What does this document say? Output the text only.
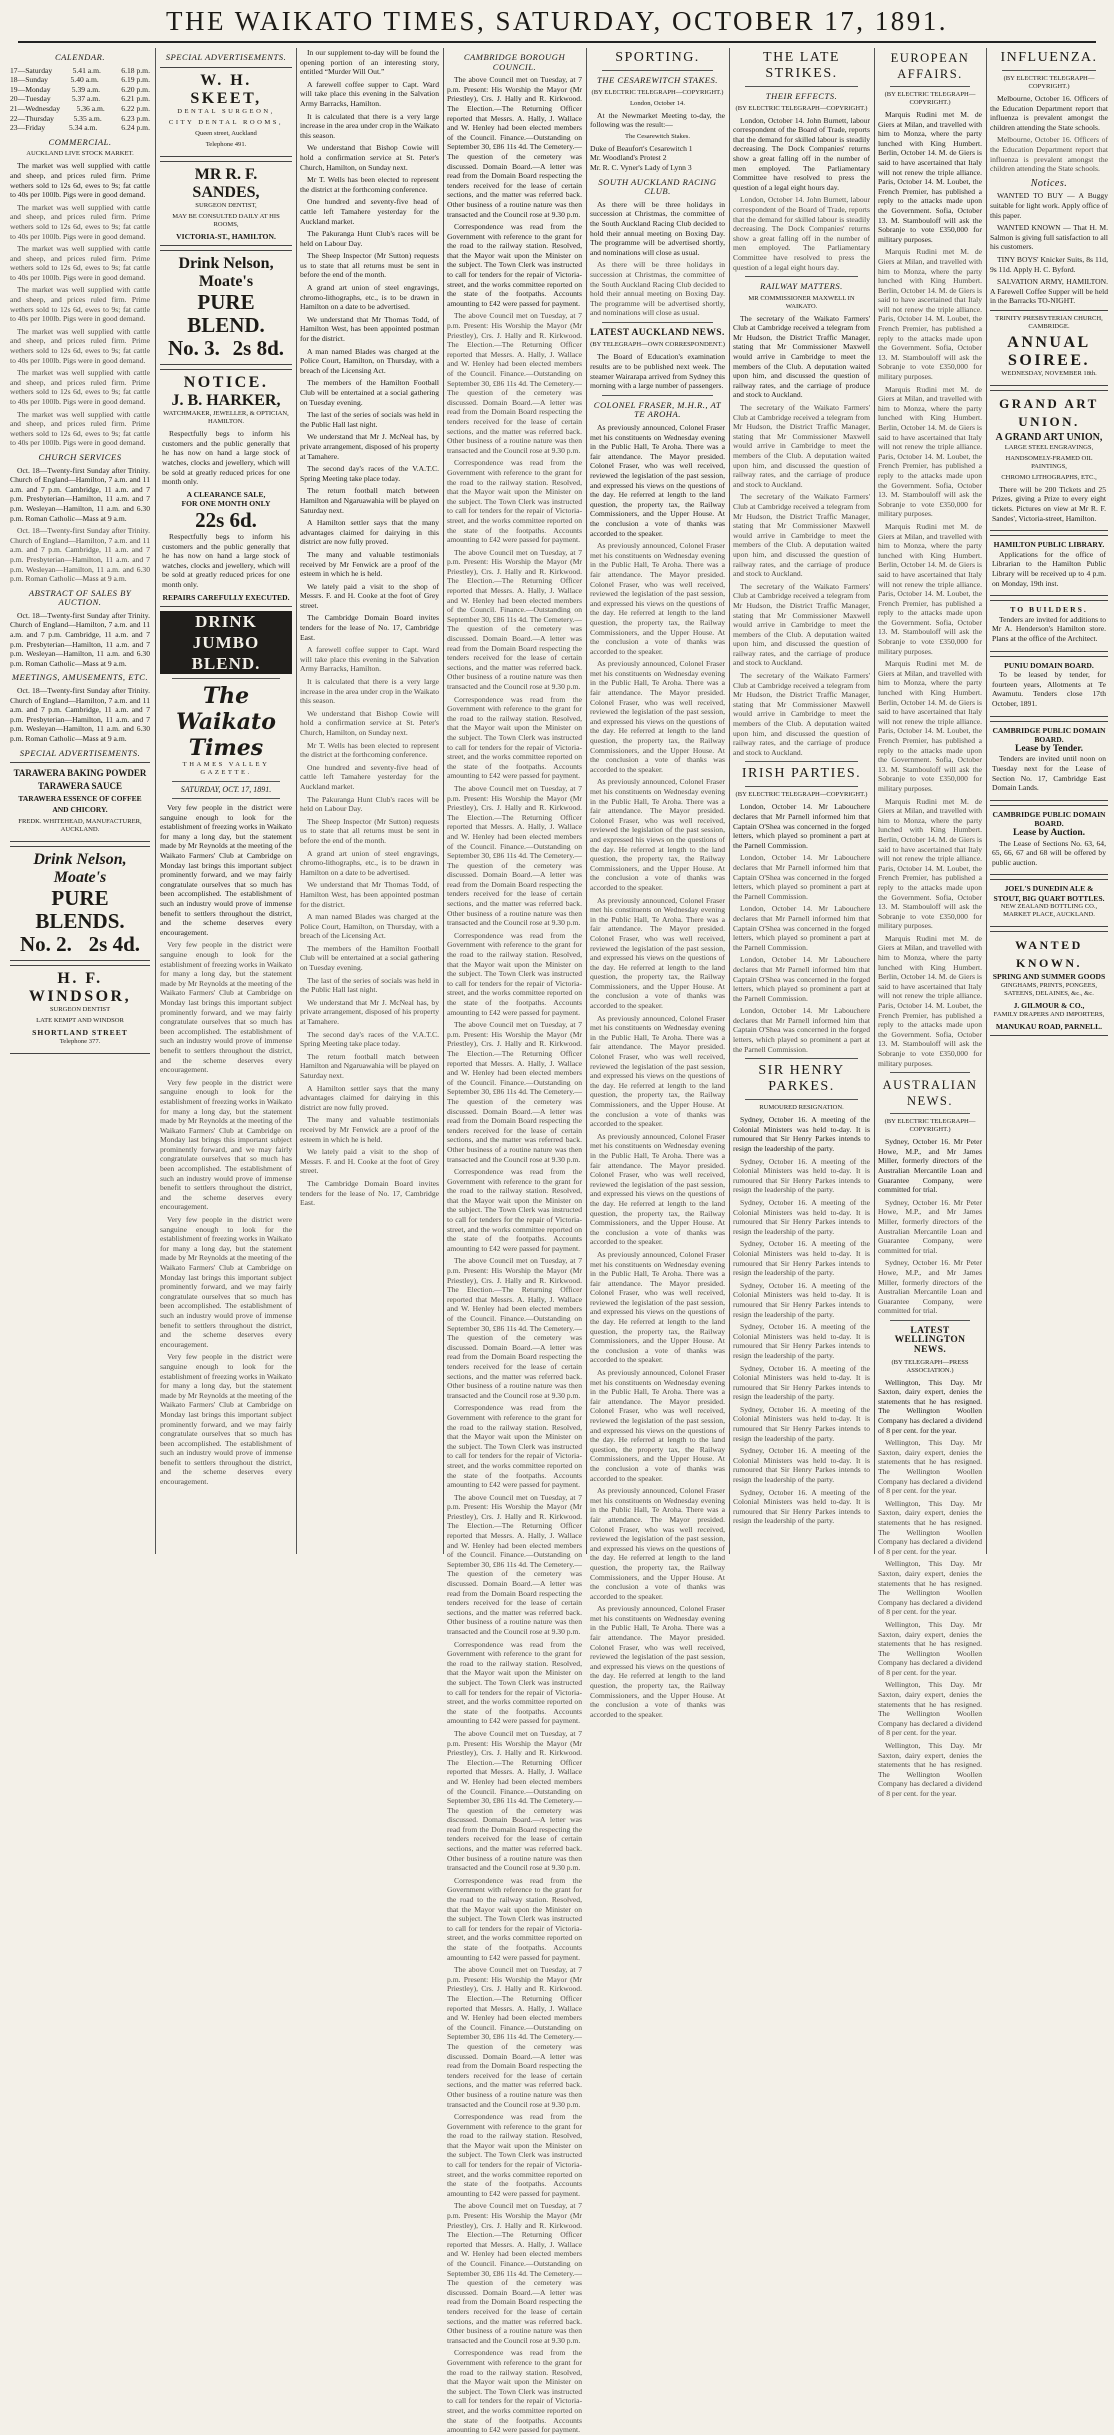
THE WAIKATO TIMES, SATURDAY, OCTOBER 17, 1891.
CALENDAR.
17—Saturday	5.41 a.m.	6.18 p.m.
18—Sunday	5.40 a.m.	6.19 p.m.
19—Monday	5.39 a.m.	6.20 p.m.
20—Tuesday	5.37 a.m.	6.21 p.m.
21—Wednesday 5.36 a.m. 6.22 p.m.
22—Thursday	5.35 a.m.	6.23 p.m.
23—Friday	5.34 a.m.	6.24 p.m.
COMMERCIAL.
AUCKLAND LIVE STOCK MARKET.

The market was well supplied with cattle and sheep, and prices ruled firm. Prime wethers sold to 12s 6d, ewes to 9s; fat cattle to 40s per 100lb. Pigs were in good demand.

The market was well supplied with cattle and sheep, and prices ruled firm. Prime wethers sold to 12s 6d, ewes to 9s; fat cattle to 40s per 100lb. Pigs were in good demand.

The market was well supplied with cattle and sheep, and prices ruled firm. Prime wethers sold to 12s 6d, ewes to 9s; fat cattle to 40s per 100lb. Pigs were in good demand.

The market was well supplied with cattle and sheep, and prices ruled firm. Prime wethers sold to 12s 6d, ewes to 9s; fat cattle to 40s per 100lb. Pigs were in good demand.

The market was well supplied with cattle and sheep, and prices ruled firm. Prime wethers sold to 12s 6d, ewes to 9s; fat cattle to 40s per 100lb. Pigs were in good demand.

The market was well supplied with cattle and sheep, and prices ruled firm. Prime wethers sold to 12s 6d, ewes to 9s; fat cattle to 40s per 100lb. Pigs were in good demand.

The market was well supplied with cattle and sheep, and prices ruled firm. Prime wethers sold to 12s 6d, ewes to 9s; fat cattle to 40s per 100lb. Pigs were in good demand.

CHURCH SERVICES

Oct. 18—Twenty-first Sunday after Trinity. Church of England—Hamilton, 7 a.m. and 11 a.m. and 7 p.m. Cambridge, 11 a.m. and 7 p.m. Presbyterian—Hamilton, 11 a.m. and 7 p.m. Wesleyan—Hamilton, 11 a.m. and 6.30 p.m. Roman Catholic—Mass at 9 a.m.

Oct. 18—Twenty-first Sunday after Trinity. Church of England—Hamilton, 7 a.m. and 11 a.m. and 7 p.m. Cambridge, 11 a.m. and 7 p.m. Presbyterian—Hamilton, 11 a.m. and 7 p.m. Wesleyan—Hamilton, 11 a.m. and 6.30 p.m. Roman Catholic—Mass at 9 a.m.

ABSTRACT OF SALES BY AUCTION.

Oct. 18—Twenty-first Sunday after Trinity. Church of England—Hamilton, 7 a.m. and 11 a.m. and 7 p.m. Cambridge, 11 a.m. and 7 p.m. Presbyterian—Hamilton, 11 a.m. and 7 p.m. Wesleyan—Hamilton, 11 a.m. and 6.30 p.m. Roman Catholic—Mass at 9 a.m.

MEETINGS, AMUSEMENTS, ETC.

Oct. 18—Twenty-first Sunday after Trinity. Church of England—Hamilton, 7 a.m. and 11 a.m. and 7 p.m. Cambridge, 11 a.m. and 7 p.m. Presbyterian—Hamilton, 11 a.m. and 7 p.m. Wesleyan—Hamilton, 11 a.m. and 6.30 p.m. Roman Catholic—Mass at 9 a.m.

SPECIAL ADVERTISEMENTS.
TARAWERA BAKING POWDER
TARAWERA SAUCE
TARAWERA ESSENCE OF COFFEE AND CHICORY.
FREDK. WHITEHEAD, MANUFACTURER, AUCKLAND.
Drink Nelson, Moate's
PURE BLENDS.
No. 2. 2s 4d.
H. F. WINDSOR,
SURGEON DENTIST
LATE KEMPT AND WINDSOR
SHORTLAND STREET
Telephone 377.
SPECIAL ADVERTISEMENTS.
W. H. SKEET,
DENTAL SURGEON,
CITY DENTAL ROOMS,
Queen street, Auckland
Telephone 491.
MR R. F. SANDES,
SURGEON DENTIST,
MAY BE CONSULTED DAILY AT HIS ROOMS,
VICTORIA-ST., HAMILTON.
Drink Nelson, Moate's
PURE BLEND.
No. 3. 2s 8d.
NOTICE.
J. B. HARKER,
WATCHMAKER, JEWELLER, & OPTICIAN, HAMILTON.

Respectfully begs to inform his customers and the public generally that he has now on hand a large stock of watches, clocks and jewellery, which will be sold at greatly reduced prices for one month only.

A CLEARANCE SALE,
FOR ONE MONTH ONLY
22s 6d.

Respectfully begs to inform his customers and the public generally that he has now on hand a large stock of watches, clocks and jewellery, which will be sold at greatly reduced prices for one month only.

REPAIRS CAREFULLY EXECUTED.
DRINK JUMBO BLEND.
The Waikato Times
THAMES VALLEY GAZETTE.
SATURDAY, OCT. 17, 1891.

Very few people in the district were sanguine enough to look for the establishment of freezing works in Waikato for many a long day, but the statement made by Mr Reynolds at the meeting of the Waikato Farmers' Club at Cambridge on Monday last brings this important subject prominently forward, and we may fairly congratulate ourselves that so much has been accomplished. The establishment of such an industry would prove of immense benefit to settlers throughout the district, and the scheme deserves every encouragement.

Very few people in the district were sanguine enough to look for the establishment of freezing works in Waikato for many a long day, but the statement made by Mr Reynolds at the meeting of the Waikato Farmers' Club at Cambridge on Monday last brings this important subject prominently forward, and we may fairly congratulate ourselves that so much has been accomplished. The establishment of such an industry would prove of immense benefit to settlers throughout the district, and the scheme deserves every encouragement.

Very few people in the district were sanguine enough to look for the establishment of freezing works in Waikato for many a long day, but the statement made by Mr Reynolds at the meeting of the Waikato Farmers' Club at Cambridge on Monday last brings this important subject prominently forward, and we may fairly congratulate ourselves that so much has been accomplished. The establishment of such an industry would prove of immense benefit to settlers throughout the district, and the scheme deserves every encouragement.

Very few people in the district were sanguine enough to look for the establishment of freezing works in Waikato for many a long day, but the statement made by Mr Reynolds at the meeting of the Waikato Farmers' Club at Cambridge on Monday last brings this important subject prominently forward, and we may fairly congratulate ourselves that so much has been accomplished. The establishment of such an industry would prove of immense benefit to settlers throughout the district, and the scheme deserves every encouragement.

Very few people in the district were sanguine enough to look for the establishment of freezing works in Waikato for many a long day, but the statement made by Mr Reynolds at the meeting of the Waikato Farmers' Club at Cambridge on Monday last brings this important subject prominently forward, and we may fairly congratulate ourselves that so much has been accomplished. The establishment of such an industry would prove of immense benefit to settlers throughout the district, and the scheme deserves every encouragement.

In our supplement to-day will be found the opening portion of an interesting story, entitled “Murder Will Out.”

A farewell coffee supper to Capt. Ward will take place this evening in the Salvation Army Barracks, Hamilton.

It is calculated that there is a very large increase in the area under crop in the Waikato this season.

We understand that Bishop Cowie will hold a confirmation service at St. Peter's Church, Hamilton, on Sunday next.

Mr T. Wells has been elected to represent the district at the forthcoming conference.

One hundred and seventy-five head of cattle left Tamahere yesterday for the Auckland market.

The Pakuranga Hunt Club's races will be held on Labour Day.

The Sheep Inspector (Mr Sutton) requests us to state that all returns must be sent in before the end of the month.

A grand art union of steel engravings, chromo-lithographs, etc., is to be drawn in Hamilton on a date to be advertised.

We understand that Mr Thomas Todd, of Hamilton West, has been appointed postman for the district.

A man named Blades was charged at the Police Court, Hamilton, on Thursday, with a breach of the Licensing Act.

The members of the Hamilton Football Club will be entertained at a social gathering on Tuesday evening.

The last of the series of socials was held in the Public Hall last night.

We understand that Mr J. McNeal has, by private arrangement, disposed of his property at Tamahere.

The second day's races of the V.A.T.C. Spring Meeting take place today.

The return football match between Hamilton and Ngaruawahia will be played on Saturday next.

A Hamilton settler says that the many advantages claimed for dairying in this district are now fully proved.

The many and valuable testimonials received by Mr Fenwick are a proof of the esteem in which he is held.

We lately paid a visit to the shop of Messrs. F. and H. Cooke at the foot of Grey street.

The Cambridge Domain Board invites tenders for the lease of No. 17, Cambridge East.

A farewell coffee supper to Capt. Ward will take place this evening in the Salvation Army Barracks, Hamilton.

It is calculated that there is a very large increase in the area under crop in the Waikato this season.

We understand that Bishop Cowie will hold a confirmation service at St. Peter's Church, Hamilton, on Sunday next.

Mr T. Wells has been elected to represent the district at the forthcoming conference.

One hundred and seventy-five head of cattle left Tamahere yesterday for the Auckland market.

The Pakuranga Hunt Club's races will be held on Labour Day.

The Sheep Inspector (Mr Sutton) requests us to state that all returns must be sent in before the end of the month.

A grand art union of steel engravings, chromo-lithographs, etc., is to be drawn in Hamilton on a date to be advertised.

We understand that Mr Thomas Todd, of Hamilton West, has been appointed postman for the district.

A man named Blades was charged at the Police Court, Hamilton, on Thursday, with a breach of the Licensing Act.

The members of the Hamilton Football Club will be entertained at a social gathering on Tuesday evening.

The last of the series of socials was held in the Public Hall last night.

We understand that Mr J. McNeal has, by private arrangement, disposed of his property at Tamahere.

The second day's races of the V.A.T.C. Spring Meeting take place today.

The return football match between Hamilton and Ngaruawahia will be played on Saturday next.

A Hamilton settler says that the many advantages claimed for dairying in this district are now fully proved.

The many and valuable testimonials received by Mr Fenwick are a proof of the esteem in which he is held.

We lately paid a visit to the shop of Messrs. F. and H. Cooke at the foot of Grey street.

The Cambridge Domain Board invites tenders for the lease of No. 17, Cambridge East.

CAMBRIDGE BOROUGH COUNCIL.

The above Council met on Tuesday, at 7 p.m. Present: His Worship the Mayor (Mr Priestley), Crs. J. Hally and R. Kirkwood. The Election.—The Returning Officer reported that Messrs. A. Hally, J. Wallace and W. Henley had been elected members of the Council. Finance.—Outstanding on September 30, £86 11s 4d. The Cemetery.—The question of the cemetery was discussed. Domain Board.—A letter was read from the Domain Board respecting the tenders received for the lease of certain sections, and the matter was referred back. Other business of a routine nature was then transacted and the Council rose at 9.30 p.m.

Correspondence was read from the Government with reference to the grant for the road to the railway station. Resolved, that the Mayor wait upon the Minister on the subject. The Town Clerk was instructed to call for tenders for the repair of Victoria-street, and the works committee reported on the state of the footpaths. Accounts amounting to £42 were passed for payment.

The above Council met on Tuesday, at 7 p.m. Present: His Worship the Mayor (Mr Priestley), Crs. J. Hally and R. Kirkwood. The Election.—The Returning Officer reported that Messrs. A. Hally, J. Wallace and W. Henley had been elected members of the Council. Finance.—Outstanding on September 30, £86 11s 4d. The Cemetery.—The question of the cemetery was discussed. Domain Board.—A letter was read from the Domain Board respecting the tenders received for the lease of certain sections, and the matter was referred back. Other business of a routine nature was then transacted and the Council rose at 9.30 p.m.

Correspondence was read from the Government with reference to the grant for the road to the railway station. Resolved, that the Mayor wait upon the Minister on the subject. The Town Clerk was instructed to call for tenders for the repair of Victoria-street, and the works committee reported on the state of the footpaths. Accounts amounting to £42 were passed for payment.

The above Council met on Tuesday, at 7 p.m. Present: His Worship the Mayor (Mr Priestley), Crs. J. Hally and R. Kirkwood. The Election.—The Returning Officer reported that Messrs. A. Hally, J. Wallace and W. Henley had been elected members of the Council. Finance.—Outstanding on September 30, £86 11s 4d. The Cemetery.—The question of the cemetery was discussed. Domain Board.—A letter was read from the Domain Board respecting the tenders received for the lease of certain sections, and the matter was referred back. Other business of a routine nature was then transacted and the Council rose at 9.30 p.m.

Correspondence was read from the Government with reference to the grant for the road to the railway station. Resolved, that the Mayor wait upon the Minister on the subject. The Town Clerk was instructed to call for tenders for the repair of Victoria-street, and the works committee reported on the state of the footpaths. Accounts amounting to £42 were passed for payment.

The above Council met on Tuesday, at 7 p.m. Present: His Worship the Mayor (Mr Priestley), Crs. J. Hally and R. Kirkwood. The Election.—The Returning Officer reported that Messrs. A. Hally, J. Wallace and W. Henley had been elected members of the Council. Finance.—Outstanding on September 30, £86 11s 4d. The Cemetery.—The question of the cemetery was discussed. Domain Board.—A letter was read from the Domain Board respecting the tenders received for the lease of certain sections, and the matter was referred back. Other business of a routine nature was then transacted and the Council rose at 9.30 p.m.

Correspondence was read from the Government with reference to the grant for the road to the railway station. Resolved, that the Mayor wait upon the Minister on the subject. The Town Clerk was instructed to call for tenders for the repair of Victoria-street, and the works committee reported on the state of the footpaths. Accounts amounting to £42 were passed for payment.

The above Council met on Tuesday, at 7 p.m. Present: His Worship the Mayor (Mr Priestley), Crs. J. Hally and R. Kirkwood. The Election.—The Returning Officer reported that Messrs. A. Hally, J. Wallace and W. Henley had been elected members of the Council. Finance.—Outstanding on September 30, £86 11s 4d. The Cemetery.—The question of the cemetery was discussed. Domain Board.—A letter was read from the Domain Board respecting the tenders received for the lease of certain sections, and the matter was referred back. Other business of a routine nature was then transacted and the Council rose at 9.30 p.m.

Correspondence was read from the Government with reference to the grant for the road to the railway station. Resolved, that the Mayor wait upon the Minister on the subject. The Town Clerk was instructed to call for tenders for the repair of Victoria-street, and the works committee reported on the state of the footpaths. Accounts amounting to £42 were passed for payment.

The above Council met on Tuesday, at 7 p.m. Present: His Worship the Mayor (Mr Priestley), Crs. J. Hally and R. Kirkwood. The Election.—The Returning Officer reported that Messrs. A. Hally, J. Wallace and W. Henley had been elected members of the Council. Finance.—Outstanding on September 30, £86 11s 4d. The Cemetery.—The question of the cemetery was discussed. Domain Board.—A letter was read from the Domain Board respecting the tenders received for the lease of certain sections, and the matter was referred back. Other business of a routine nature was then transacted and the Council rose at 9.30 p.m.

Correspondence was read from the Government with reference to the grant for the road to the railway station. Resolved, that the Mayor wait upon the Minister on the subject. The Town Clerk was instructed to call for tenders for the repair of Victoria-street, and the works committee reported on the state of the footpaths. Accounts amounting to £42 were passed for payment.

The above Council met on Tuesday, at 7 p.m. Present: His Worship the Mayor (Mr Priestley), Crs. J. Hally and R. Kirkwood. The Election.—The Returning Officer reported that Messrs. A. Hally, J. Wallace and W. Henley had been elected members of the Council. Finance.—Outstanding on September 30, £86 11s 4d. The Cemetery.—The question of the cemetery was discussed. Domain Board.—A letter was read from the Domain Board respecting the tenders received for the lease of certain sections, and the matter was referred back. Other business of a routine nature was then transacted and the Council rose at 9.30 p.m.

Correspondence was read from the Government with reference to the grant for the road to the railway station. Resolved, that the Mayor wait upon the Minister on the subject. The Town Clerk was instructed to call for tenders for the repair of Victoria-street, and the works committee reported on the state of the footpaths. Accounts amounting to £42 were passed for payment.

The above Council met on Tuesday, at 7 p.m. Present: His Worship the Mayor (Mr Priestley), Crs. J. Hally and R. Kirkwood. The Election.—The Returning Officer reported that Messrs. A. Hally, J. Wallace and W. Henley had been elected members of the Council. Finance.—Outstanding on September 30, £86 11s 4d. The Cemetery.—The question of the cemetery was discussed. Domain Board.—A letter was read from the Domain Board respecting the tenders received for the lease of certain sections, and the matter was referred back. Other business of a routine nature was then transacted and the Council rose at 9.30 p.m.

Correspondence was read from the Government with reference to the grant for the road to the railway station. Resolved, that the Mayor wait upon the Minister on the subject. The Town Clerk was instructed to call for tenders for the repair of Victoria-street, and the works committee reported on the state of the footpaths. Accounts amounting to £42 were passed for payment.

The above Council met on Tuesday, at 7 p.m. Present: His Worship the Mayor (Mr Priestley), Crs. J. Hally and R. Kirkwood. The Election.—The Returning Officer reported that Messrs. A. Hally, J. Wallace and W. Henley had been elected members of the Council. Finance.—Outstanding on September 30, £86 11s 4d. The Cemetery.—The question of the cemetery was discussed. Domain Board.—A letter was read from the Domain Board respecting the tenders received for the lease of certain sections, and the matter was referred back. Other business of a routine nature was then transacted and the Council rose at 9.30 p.m.

Correspondence was read from the Government with reference to the grant for the road to the railway station. Resolved, that the Mayor wait upon the Minister on the subject. The Town Clerk was instructed to call for tenders for the repair of Victoria-street, and the works committee reported on the state of the footpaths. Accounts amounting to £42 were passed for payment.

The above Council met on Tuesday, at 7 p.m. Present: His Worship the Mayor (Mr Priestley), Crs. J. Hally and R. Kirkwood. The Election.—The Returning Officer reported that Messrs. A. Hally, J. Wallace and W. Henley had been elected members of the Council. Finance.—Outstanding on September 30, £86 11s 4d. The Cemetery.—The question of the cemetery was discussed. Domain Board.—A letter was read from the Domain Board respecting the tenders received for the lease of certain sections, and the matter was referred back. Other business of a routine nature was then transacted and the Council rose at 9.30 p.m.

Correspondence was read from the Government with reference to the grant for the road to the railway station. Resolved, that the Mayor wait upon the Minister on the subject. The Town Clerk was instructed to call for tenders for the repair of Victoria-street, and the works committee reported on the state of the footpaths. Accounts amounting to £42 were passed for payment.

SPORTING.
THE CESAREWITCH STAKES.
(BY ELECTRIC TELEGRAPH—COPYRIGHT.)
London, October 14.

At the Newmarket Meeting to-day, the following was the result:—

The Cesarewitch Stakes.
Duke of Beaufort's Cesarewitch 1
Mr. Woodland's Protest 2
Mr. R. C. Vyner's Lady of Lynn 3
SOUTH AUCKLAND RACING CLUB.

As there will be three holidays in succession at Christmas, the committee of the South Auckland Racing Club decided to hold their annual meeting on Boxing Day. The programme will be advertised shortly, and nominations will close as usual.

As there will be three holidays in succession at Christmas, the committee of the South Auckland Racing Club decided to hold their annual meeting on Boxing Day. The programme will be advertised shortly, and nominations will close as usual.

LATEST AUCKLAND NEWS.
(BY TELEGRAPH—OWN CORRESPONDENT.)

The Board of Education's examination results are to be published next week. The steamer Wairarapa arrived from Sydney this morning with a large number of passengers.

COLONEL FRASER, M.H.R., AT TE AROHA.

As previously announced, Colonel Fraser met his constituents on Wednesday evening in the Public Hall, Te Aroha. There was a fair attendance. The Mayor presided. Colonel Fraser, who was well received, reviewed the legislation of the past session, and expressed his views on the questions of the day. He referred at length to the land question, the property tax, the Railway Commissioners, and the Upper House. At the conclusion a vote of thanks was accorded to the speaker.

As previously announced, Colonel Fraser met his constituents on Wednesday evening in the Public Hall, Te Aroha. There was a fair attendance. The Mayor presided. Colonel Fraser, who was well received, reviewed the legislation of the past session, and expressed his views on the questions of the day. He referred at length to the land question, the property tax, the Railway Commissioners, and the Upper House. At the conclusion a vote of thanks was accorded to the speaker.

As previously announced, Colonel Fraser met his constituents on Wednesday evening in the Public Hall, Te Aroha. There was a fair attendance. The Mayor presided. Colonel Fraser, who was well received, reviewed the legislation of the past session, and expressed his views on the questions of the day. He referred at length to the land question, the property tax, the Railway Commissioners, and the Upper House. At the conclusion a vote of thanks was accorded to the speaker.

As previously announced, Colonel Fraser met his constituents on Wednesday evening in the Public Hall, Te Aroha. There was a fair attendance. The Mayor presided. Colonel Fraser, who was well received, reviewed the legislation of the past session, and expressed his views on the questions of the day. He referred at length to the land question, the property tax, the Railway Commissioners, and the Upper House. At the conclusion a vote of thanks was accorded to the speaker.

As previously announced, Colonel Fraser met his constituents on Wednesday evening in the Public Hall, Te Aroha. There was a fair attendance. The Mayor presided. Colonel Fraser, who was well received, reviewed the legislation of the past session, and expressed his views on the questions of the day. He referred at length to the land question, the property tax, the Railway Commissioners, and the Upper House. At the conclusion a vote of thanks was accorded to the speaker.

As previously announced, Colonel Fraser met his constituents on Wednesday evening in the Public Hall, Te Aroha. There was a fair attendance. The Mayor presided. Colonel Fraser, who was well received, reviewed the legislation of the past session, and expressed his views on the questions of the day. He referred at length to the land question, the property tax, the Railway Commissioners, and the Upper House. At the conclusion a vote of thanks was accorded to the speaker.

As previously announced, Colonel Fraser met his constituents on Wednesday evening in the Public Hall, Te Aroha. There was a fair attendance. The Mayor presided. Colonel Fraser, who was well received, reviewed the legislation of the past session, and expressed his views on the questions of the day. He referred at length to the land question, the property tax, the Railway Commissioners, and the Upper House. At the conclusion a vote of thanks was accorded to the speaker.

As previously announced, Colonel Fraser met his constituents on Wednesday evening in the Public Hall, Te Aroha. There was a fair attendance. The Mayor presided. Colonel Fraser, who was well received, reviewed the legislation of the past session, and expressed his views on the questions of the day. He referred at length to the land question, the property tax, the Railway Commissioners, and the Upper House. At the conclusion a vote of thanks was accorded to the speaker.

As previously announced, Colonel Fraser met his constituents on Wednesday evening in the Public Hall, Te Aroha. There was a fair attendance. The Mayor presided. Colonel Fraser, who was well received, reviewed the legislation of the past session, and expressed his views on the questions of the day. He referred at length to the land question, the property tax, the Railway Commissioners, and the Upper House. At the conclusion a vote of thanks was accorded to the speaker.

As previously announced, Colonel Fraser met his constituents on Wednesday evening in the Public Hall, Te Aroha. There was a fair attendance. The Mayor presided. Colonel Fraser, who was well received, reviewed the legislation of the past session, and expressed his views on the questions of the day. He referred at length to the land question, the property tax, the Railway Commissioners, and the Upper House. At the conclusion a vote of thanks was accorded to the speaker.

As previously announced, Colonel Fraser met his constituents on Wednesday evening in the Public Hall, Te Aroha. There was a fair attendance. The Mayor presided. Colonel Fraser, who was well received, reviewed the legislation of the past session, and expressed his views on the questions of the day. He referred at length to the land question, the property tax, the Railway Commissioners, and the Upper House. At the conclusion a vote of thanks was accorded to the speaker.

THE LATE STRIKES.
THEIR EFFECTS.
(BY ELECTRIC TELEGRAPH—COPYRIGHT.)

London, October 14. John Burnett, labour correspondent of the Board of Trade, reports that the demand for skilled labour is steadily decreasing. The Dock Companies' returns show a great falling off in the number of men employed. The Parliamentary Committee have resolved to press the question of a legal eight hours day.

London, October 14. John Burnett, labour correspondent of the Board of Trade, reports that the demand for skilled labour is steadily decreasing. The Dock Companies' returns show a great falling off in the number of men employed. The Parliamentary Committee have resolved to press the question of a legal eight hours day.

RAILWAY MATTERS.
MR COMMISSIONER MAXWELL IN WAIKATO.

The secretary of the Waikato Farmers' Club at Cambridge received a telegram from Mr Hudson, the District Traffic Manager, stating that Mr Commissioner Maxwell would arrive in Cambridge to meet the members of the Club. A deputation waited upon him, and discussed the question of railway rates, and the carriage of produce and stock to Auckland.

The secretary of the Waikato Farmers' Club at Cambridge received a telegram from Mr Hudson, the District Traffic Manager, stating that Mr Commissioner Maxwell would arrive in Cambridge to meet the members of the Club. A deputation waited upon him, and discussed the question of railway rates, and the carriage of produce and stock to Auckland.

The secretary of the Waikato Farmers' Club at Cambridge received a telegram from Mr Hudson, the District Traffic Manager, stating that Mr Commissioner Maxwell would arrive in Cambridge to meet the members of the Club. A deputation waited upon him, and discussed the question of railway rates, and the carriage of produce and stock to Auckland.

The secretary of the Waikato Farmers' Club at Cambridge received a telegram from Mr Hudson, the District Traffic Manager, stating that Mr Commissioner Maxwell would arrive in Cambridge to meet the members of the Club. A deputation waited upon him, and discussed the question of railway rates, and the carriage of produce and stock to Auckland.

The secretary of the Waikato Farmers' Club at Cambridge received a telegram from Mr Hudson, the District Traffic Manager, stating that Mr Commissioner Maxwell would arrive in Cambridge to meet the members of the Club. A deputation waited upon him, and discussed the question of railway rates, and the carriage of produce and stock to Auckland.

IRISH PARTIES.
(BY ELECTRIC TELEGRAPH—COPYRIGHT.)

London, October 14. Mr Labouchere declares that Mr Parnell informed him that Captain O'Shea was concerned in the forged letters, which played so prominent a part at the Parnell Commission.

London, October 14. Mr Labouchere declares that Mr Parnell informed him that Captain O'Shea was concerned in the forged letters, which played so prominent a part at the Parnell Commission.

London, October 14. Mr Labouchere declares that Mr Parnell informed him that Captain O'Shea was concerned in the forged letters, which played so prominent a part at the Parnell Commission.

London, October 14. Mr Labouchere declares that Mr Parnell informed him that Captain O'Shea was concerned in the forged letters, which played so prominent a part at the Parnell Commission.

London, October 14. Mr Labouchere declares that Mr Parnell informed him that Captain O'Shea was concerned in the forged letters, which played so prominent a part at the Parnell Commission.

SIR HENRY PARKES.
RUMOURED RESIGNATION.

Sydney, October 16. A meeting of the Colonial Ministers was held to-day. It is rumoured that Sir Henry Parkes intends to resign the leadership of the party.

Sydney, October 16. A meeting of the Colonial Ministers was held to-day. It is rumoured that Sir Henry Parkes intends to resign the leadership of the party.

Sydney, October 16. A meeting of the Colonial Ministers was held to-day. It is rumoured that Sir Henry Parkes intends to resign the leadership of the party.

Sydney, October 16. A meeting of the Colonial Ministers was held to-day. It is rumoured that Sir Henry Parkes intends to resign the leadership of the party.

Sydney, October 16. A meeting of the Colonial Ministers was held to-day. It is rumoured that Sir Henry Parkes intends to resign the leadership of the party.

Sydney, October 16. A meeting of the Colonial Ministers was held to-day. It is rumoured that Sir Henry Parkes intends to resign the leadership of the party.

Sydney, October 16. A meeting of the Colonial Ministers was held to-day. It is rumoured that Sir Henry Parkes intends to resign the leadership of the party.

Sydney, October 16. A meeting of the Colonial Ministers was held to-day. It is rumoured that Sir Henry Parkes intends to resign the leadership of the party.

Sydney, October 16. A meeting of the Colonial Ministers was held to-day. It is rumoured that Sir Henry Parkes intends to resign the leadership of the party.

Sydney, October 16. A meeting of the Colonial Ministers was held to-day. It is rumoured that Sir Henry Parkes intends to resign the leadership of the party.

EUROPEAN AFFAIRS.
(BY ELECTRIC TELEGRAPH—COPYRIGHT.)

Marquis Rudini met M. de Giers at Milan, and travelled with him to Monza, where the party lunched with King Humbert. Berlin, October 14. M. de Giers is said to have ascertained that Italy will not renew the triple alliance. Paris, October 14. M. Loubet, the French Premier, has published a reply to the attacks made upon the Government. Sofia, October 13. M. Stambouloff will ask the Sobranje to vote £350,000 for military purposes.

Marquis Rudini met M. de Giers at Milan, and travelled with him to Monza, where the party lunched with King Humbert. Berlin, October 14. M. de Giers is said to have ascertained that Italy will not renew the triple alliance. Paris, October 14. M. Loubet, the French Premier, has published a reply to the attacks made upon the Government. Sofia, October 13. M. Stambouloff will ask the Sobranje to vote £350,000 for military purposes.

Marquis Rudini met M. de Giers at Milan, and travelled with him to Monza, where the party lunched with King Humbert. Berlin, October 14. M. de Giers is said to have ascertained that Italy will not renew the triple alliance. Paris, October 14. M. Loubet, the French Premier, has published a reply to the attacks made upon the Government. Sofia, October 13. M. Stambouloff will ask the Sobranje to vote £350,000 for military purposes.

Marquis Rudini met M. de Giers at Milan, and travelled with him to Monza, where the party lunched with King Humbert. Berlin, October 14. M. de Giers is said to have ascertained that Italy will not renew the triple alliance. Paris, October 14. M. Loubet, the French Premier, has published a reply to the attacks made upon the Government. Sofia, October 13. M. Stambouloff will ask the Sobranje to vote £350,000 for military purposes.

Marquis Rudini met M. de Giers at Milan, and travelled with him to Monza, where the party lunched with King Humbert. Berlin, October 14. M. de Giers is said to have ascertained that Italy will not renew the triple alliance. Paris, October 14. M. Loubet, the French Premier, has published a reply to the attacks made upon the Government. Sofia, October 13. M. Stambouloff will ask the Sobranje to vote £350,000 for military purposes.

Marquis Rudini met M. de Giers at Milan, and travelled with him to Monza, where the party lunched with King Humbert. Berlin, October 14. M. de Giers is said to have ascertained that Italy will not renew the triple alliance. Paris, October 14. M. Loubet, the French Premier, has published a reply to the attacks made upon the Government. Sofia, October 13. M. Stambouloff will ask the Sobranje to vote £350,000 for military purposes.

Marquis Rudini met M. de Giers at Milan, and travelled with him to Monza, where the party lunched with King Humbert. Berlin, October 14. M. de Giers is said to have ascertained that Italy will not renew the triple alliance. Paris, October 14. M. Loubet, the French Premier, has published a reply to the attacks made upon the Government. Sofia, October 13. M. Stambouloff will ask the Sobranje to vote £350,000 for military purposes.

AUSTRALIAN NEWS.
(BY ELECTRIC TELEGRAPH—COPYRIGHT.)

Sydney, October 16. Mr Peter Howe, M.P., and Mr James Miller, formerly directors of the Australian Mercantile Loan and Guarantee Company, were committed for trial.

Sydney, October 16. Mr Peter Howe, M.P., and Mr James Miller, formerly directors of the Australian Mercantile Loan and Guarantee Company, were committed for trial.

Sydney, October 16. Mr Peter Howe, M.P., and Mr James Miller, formerly directors of the Australian Mercantile Loan and Guarantee Company, were committed for trial.

LATEST WELLINGTON NEWS.
(BY TELEGRAPH—PRESS ASSOCIATION.)

Wellington, This Day. Mr Saxton, dairy expert, denies the statements that he has resigned. The Wellington Woollen Company has declared a dividend of 8 per cent. for the year.

Wellington, This Day. Mr Saxton, dairy expert, denies the statements that he has resigned. The Wellington Woollen Company has declared a dividend of 8 per cent. for the year.

Wellington, This Day. Mr Saxton, dairy expert, denies the statements that he has resigned. The Wellington Woollen Company has declared a dividend of 8 per cent. for the year.

Wellington, This Day. Mr Saxton, dairy expert, denies the statements that he has resigned. The Wellington Woollen Company has declared a dividend of 8 per cent. for the year.

Wellington, This Day. Mr Saxton, dairy expert, denies the statements that he has resigned. The Wellington Woollen Company has declared a dividend of 8 per cent. for the year.

Wellington, This Day. Mr Saxton, dairy expert, denies the statements that he has resigned. The Wellington Woollen Company has declared a dividend of 8 per cent. for the year.

Wellington, This Day. Mr Saxton, dairy expert, denies the statements that he has resigned. The Wellington Woollen Company has declared a dividend of 8 per cent. for the year.

INFLUENZA.
(BY ELECTRIC TELEGRAPH—COPYRIGHT.)

Melbourne, October 16. Officers of the Education Department report that influenza is prevalent amongst the children attending the State schools.

Melbourne, October 16. Officers of the Education Department report that influenza is prevalent amongst the children attending the State schools.

Notices.

WANTED TO BUY — A Buggy suitable for light work. Apply office of this paper.

WANTED KNOWN — That H. M. Salmon is giving full satisfaction to all his customers.

TINY BOYS' Knicker Suits, 8s 11d, 9s 11d. Apply H. C. Byford.

SALVATION ARMY, HAMILTON. A Farewell Coffee Supper will be held in the Barracks TO-NIGHT.

TRINITY PRESBYTERIAN CHURCH, CAMBRIDGE.
ANNUAL SOIREE.
WEDNESDAY, NOVEMBER 18th.
GRAND ART UNION.
A GRAND ART UNION,
LARGE STEEL ENGRAVINGS,
HANDSOMELY-FRAMED OIL PAINTINGS,
CHROMO LITHOGRAPHS, ETC.,

There will be 200 Tickets and 25 Prizes, giving a Prize to every eight tickets. Pictures on view at Mr R. F. Sandes', Victoria-street, Hamilton.

HAMILTON PUBLIC LIBRARY.

Applications for the office of Librarian to the Hamilton Public Library will be received up to 4 p.m. on Monday, 19th inst.

TO BUILDERS.

Tenders are invited for additions to Mr A. Henderson's Hamilton store. Plans at the office of the Architect.

PUNIU DOMAIN BOARD.

To be leased by tender, for fourteen years, Allotments at Te Awamutu. Tenders close 17th October, 1891.

CAMBRIDGE PUBLIC DOMAIN BOARD.
Lease by Tender.

Tenders are invited until noon on Tuesday next for the Lease of Section No. 17, Cambridge East Domain Lands.

CAMBRIDGE PUBLIC DOMAIN BOARD.
Lease by Auction.

The Lease of Sections No. 63, 64, 65, 66, 67 and 68 will be offered by public auction.

JOEL'S DUNEDIN ALE & STOUT, BIG QUART BOTTLES.
NEW ZEALAND BOTTLING CO., MARKET PLACE, AUCKLAND.
WANTED KNOWN.
SPRING AND SUMMER GOODS
GINGHAMS, PRINTS, PONGEES, SATEENS, DELAINES, &c., &c.
J. GILMOUR & CO.,
FAMILY DRAPERS AND IMPORTERS,
MANUKAU ROAD, PARNELL.
